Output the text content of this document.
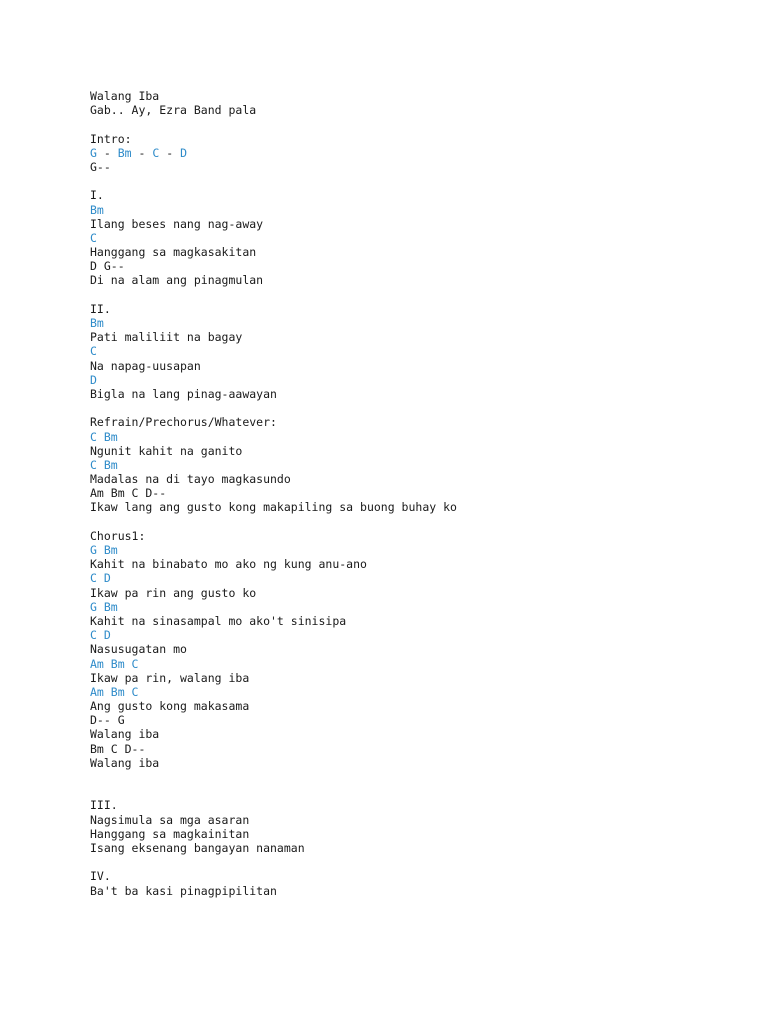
Walang Iba
Gab.. Ay, Ezra Band pala
Intro:
G - Bm - C - D
G--
I.
Bm
Ilang beses nang nag-away
C
Hanggang sa magkasakitan
D G--
Di na alam ang pinagmulan
II.
Bm
Pati maliliit na bagay
C
Na napag-uusapan
D
Bigla na lang pinag-aawayan
Refrain/Prechorus/Whatever:
C Bm
Ngunit kahit na ganito
C Bm
Madalas na di tayo magkasundo
Am Bm C D--
Ikaw lang ang gusto kong makapiling sa buong buhay ko
Chorus1:
G Bm
Kahit na binabato mo ako ng kung anu-ano
C D
Ikaw pa rin ang gusto ko
G Bm
Kahit na sinasampal mo ako't sinisipa
C D
Nasusugatan mo
Am Bm C
Ikaw pa rin, walang iba
Am Bm C
Ang gusto kong makasama
D-- G
Walang iba
Bm C D--
Walang iba
III.
Nagsimula sa mga asaran
Hanggang sa magkainitan
Isang eksenang bangayan nanaman
IV.
Ba't ba kasi pinagpipilitan
